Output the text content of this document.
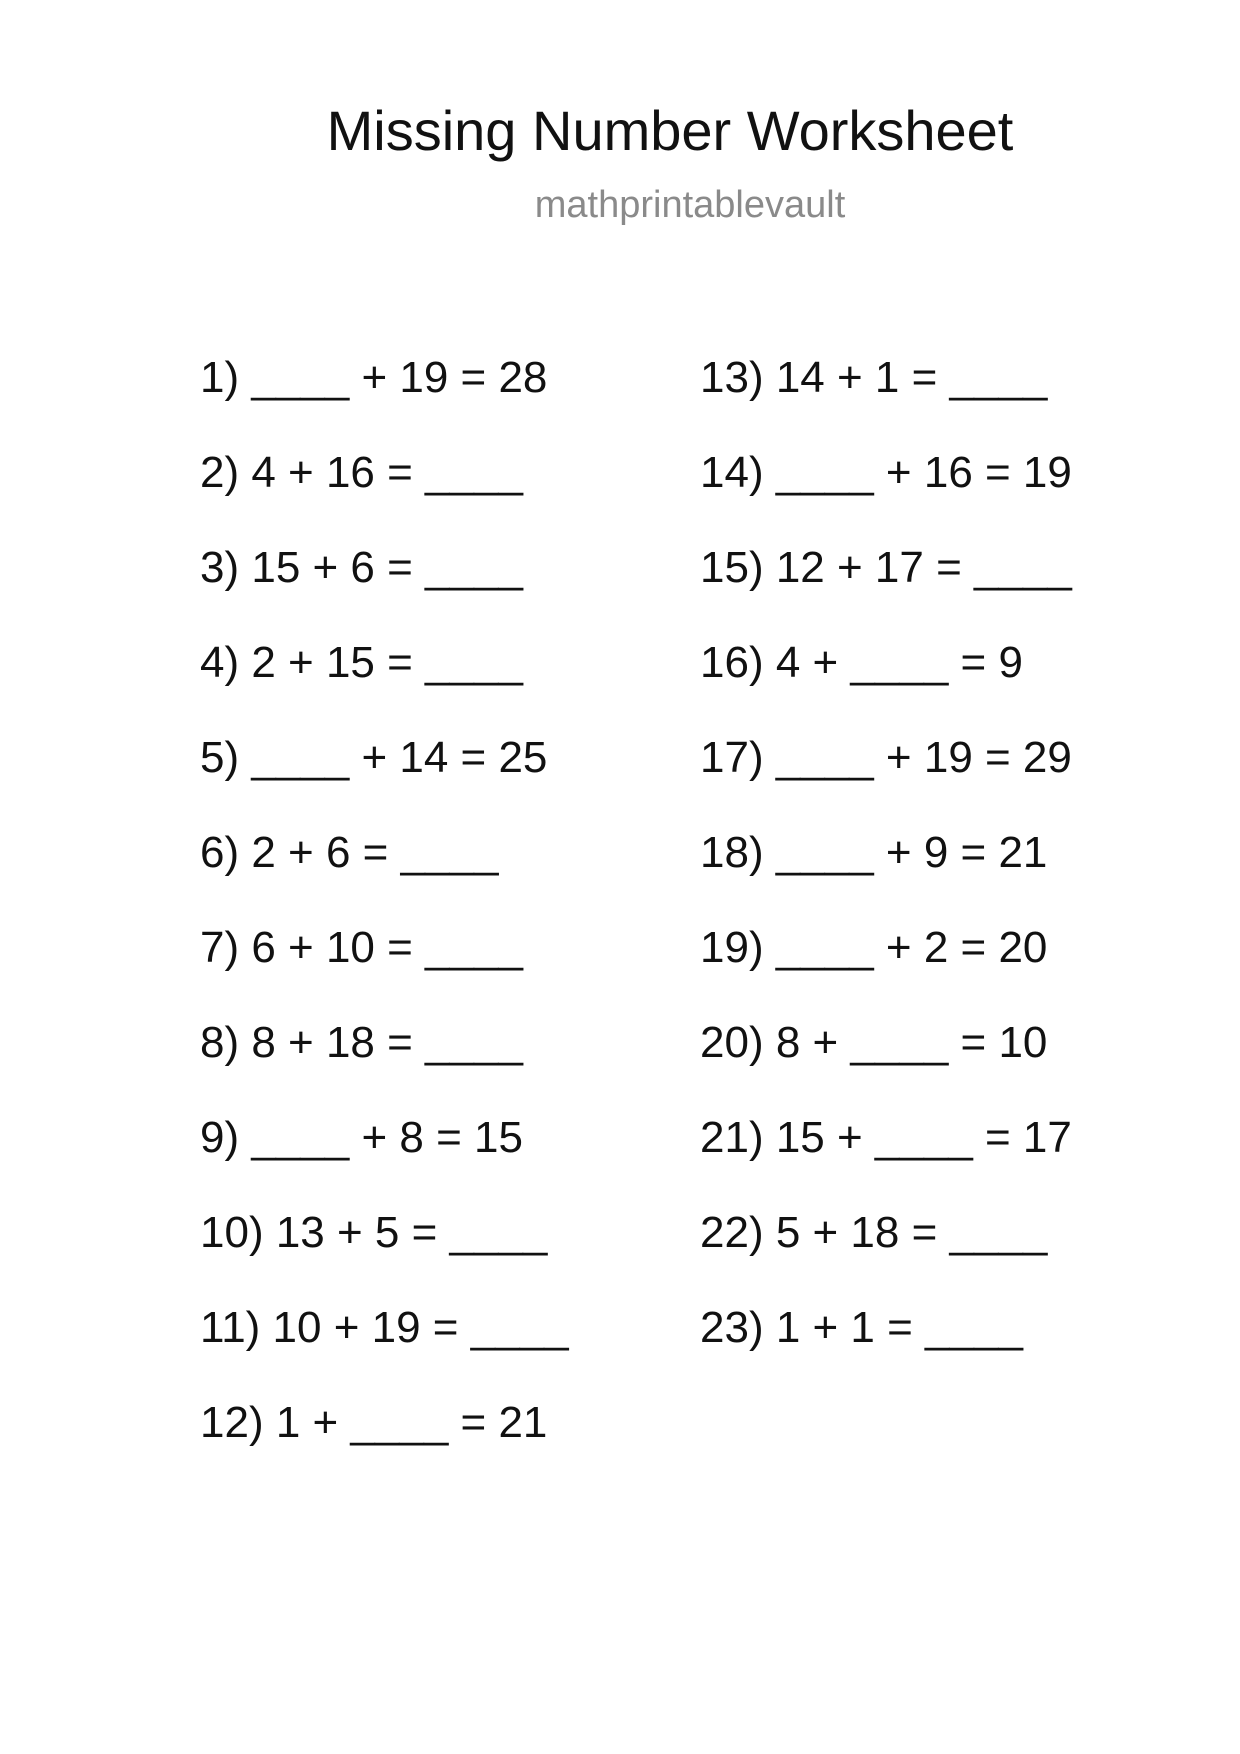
Missing Number Worksheet
mathprintablevault
1) ____ + 19 = 28
2) 4 + 16 = ____
3) 15 + 6 = ____
4) 2 + 15 = ____
5) ____ + 14 = 25
6) 2 + 6 = ____
7) 6 + 10 = ____
8) 8 + 18 = ____
9) ____ + 8 = 15
10) 13 + 5 = ____
11) 10 + 19 = ____
12) 1 + ____ = 21
13) 14 + 1 = ____
14) ____ + 16 = 19
15) 12 + 17 = ____
16) 4 + ____ = 9
17) ____ + 19 = 29
18) ____ + 9 = 21
19) ____ + 2 = 20
20) 8 + ____ = 10
21) 15 + ____ = 17
22) 5 + 18 = ____
23) 1 + 1 = ____
